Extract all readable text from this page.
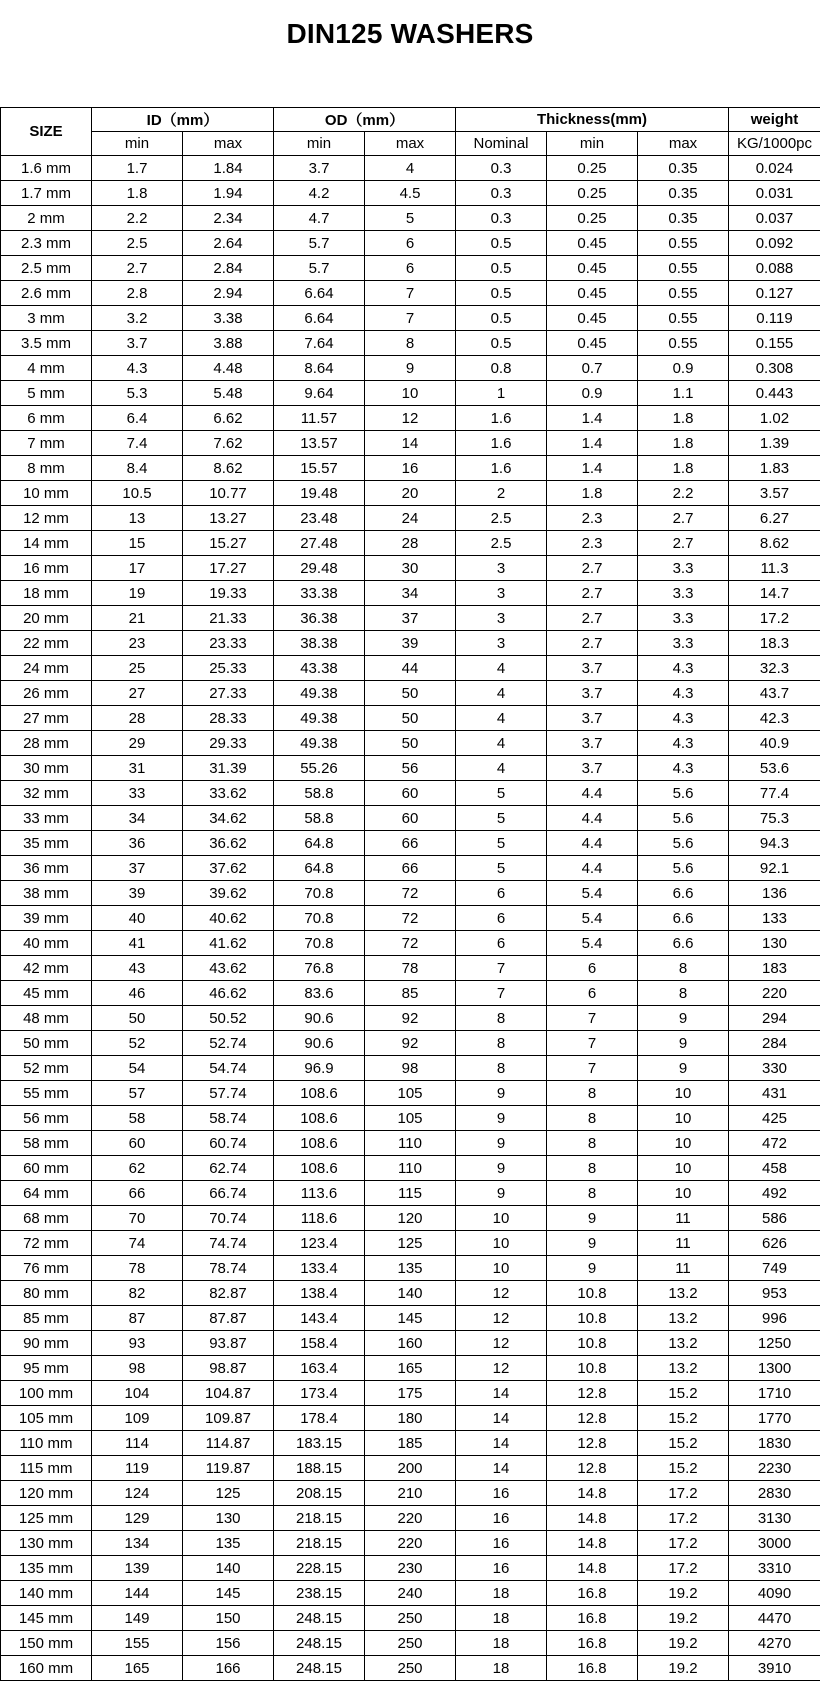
DIN125 WASHERS
SIZE	ID（mm）		OD（mm）		Thickness(mm)			weight
	min	max	min	max	Nominal	min	max	KG/1000pc
1.6 mm	1.7	1.84	3.7	4	0.3	0.25	0.35	0.024
1.7 mm	1.8	1.94	4.2	4.5	0.3	0.25	0.35	0.031
2 mm	2.2	2.34	4.7	5	0.3	0.25	0.35	0.037
2.3 mm	2.5	2.64	5.7	6	0.5	0.45	0.55	0.092
2.5 mm	2.7	2.84	5.7	6	0.5	0.45	0.55	0.088
2.6 mm	2.8	2.94	6.64	7	0.5	0.45	0.55	0.127
3 mm	3.2	3.38	6.64	7	0.5	0.45	0.55	0.119
3.5 mm	3.7	3.88	7.64	8	0.5	0.45	0.55	0.155
4 mm	4.3	4.48	8.64	9	0.8	0.7	0.9	0.308
5 mm	5.3	5.48	9.64	10	1	0.9	1.1	0.443
6 mm	6.4	6.62	11.57	12	1.6	1.4	1.8	1.02
7 mm	7.4	7.62	13.57	14	1.6	1.4	1.8	1.39
8 mm	8.4	8.62	15.57	16	1.6	1.4	1.8	1.83
10 mm	10.5	10.77	19.48	20	2	1.8	2.2	3.57
12 mm	13	13.27	23.48	24	2.5	2.3	2.7	6.27
14 mm	15	15.27	27.48	28	2.5	2.3	2.7	8.62
16 mm	17	17.27	29.48	30	3	2.7	3.3	11.3
18 mm	19	19.33	33.38	34	3	2.7	3.3	14.7
20 mm	21	21.33	36.38	37	3	2.7	3.3	17.2
22 mm	23	23.33	38.38	39	3	2.7	3.3	18.3
24 mm	25	25.33	43.38	44	4	3.7	4.3	32.3
26 mm	27	27.33	49.38	50	4	3.7	4.3	43.7
27 mm	28	28.33	49.38	50	4	3.7	4.3	42.3
28 mm	29	29.33	49.38	50	4	3.7	4.3	40.9
30 mm	31	31.39	55.26	56	4	3.7	4.3	53.6
32 mm	33	33.62	58.8	60	5	4.4	5.6	77.4
33 mm	34	34.62	58.8	60	5	4.4	5.6	75.3
35 mm	36	36.62	64.8	66	5	4.4	5.6	94.3
36 mm	37	37.62	64.8	66	5	4.4	5.6	92.1
38 mm	39	39.62	70.8	72	6	5.4	6.6	136
39 mm	40	40.62	70.8	72	6	5.4	6.6	133
40 mm	41	41.62	70.8	72	6	5.4	6.6	130
42 mm	43	43.62	76.8	78	7	6	8	183
45 mm	46	46.62	83.6	85	7	6	8	220
48 mm	50	50.52	90.6	92	8	7	9	294
50 mm	52	52.74	90.6	92	8	7	9	284
52 mm	54	54.74	96.9	98	8	7	9	330
55 mm	57	57.74	108.6	105	9	8	10	431
56 mm	58	58.74	108.6	105	9	8	10	425
58 mm	60	60.74	108.6	110	9	8	10	472
60 mm	62	62.74	108.6	110	9	8	10	458
64 mm	66	66.74	113.6	115	9	8	10	492
68 mm	70	70.74	118.6	120	10	9	11	586
72 mm	74	74.74	123.4	125	10	9	11	626
76 mm	78	78.74	133.4	135	10	9	11	749
80 mm	82	82.87	138.4	140	12	10.8	13.2	953
85 mm	87	87.87	143.4	145	12	10.8	13.2	996
90 mm	93	93.87	158.4	160	12	10.8	13.2	1250
95 mm	98	98.87	163.4	165	12	10.8	13.2	1300
100 mm	104	104.87	173.4	175	14	12.8	15.2	1710
105 mm	109	109.87	178.4	180	14	12.8	15.2	1770
110 mm	114	114.87	183.15	185	14	12.8	15.2	1830
115 mm	119	119.87	188.15	200	14	12.8	15.2	2230
120 mm	124	125	208.15	210	16	14.8	17.2	2830
125 mm	129	130	218.15	220	16	14.8	17.2	3130
130 mm	134	135	218.15	220	16	14.8	17.2	3000
135 mm	139	140	228.15	230	16	14.8	17.2	3310
140 mm	144	145	238.15	240	18	16.8	19.2	4090
145 mm	149	150	248.15	250	18	16.8	19.2	4470
150 mm	155	156	248.15	250	18	16.8	19.2	4270
160 mm	165	166	248.15	250	18	16.8	19.2	3910
